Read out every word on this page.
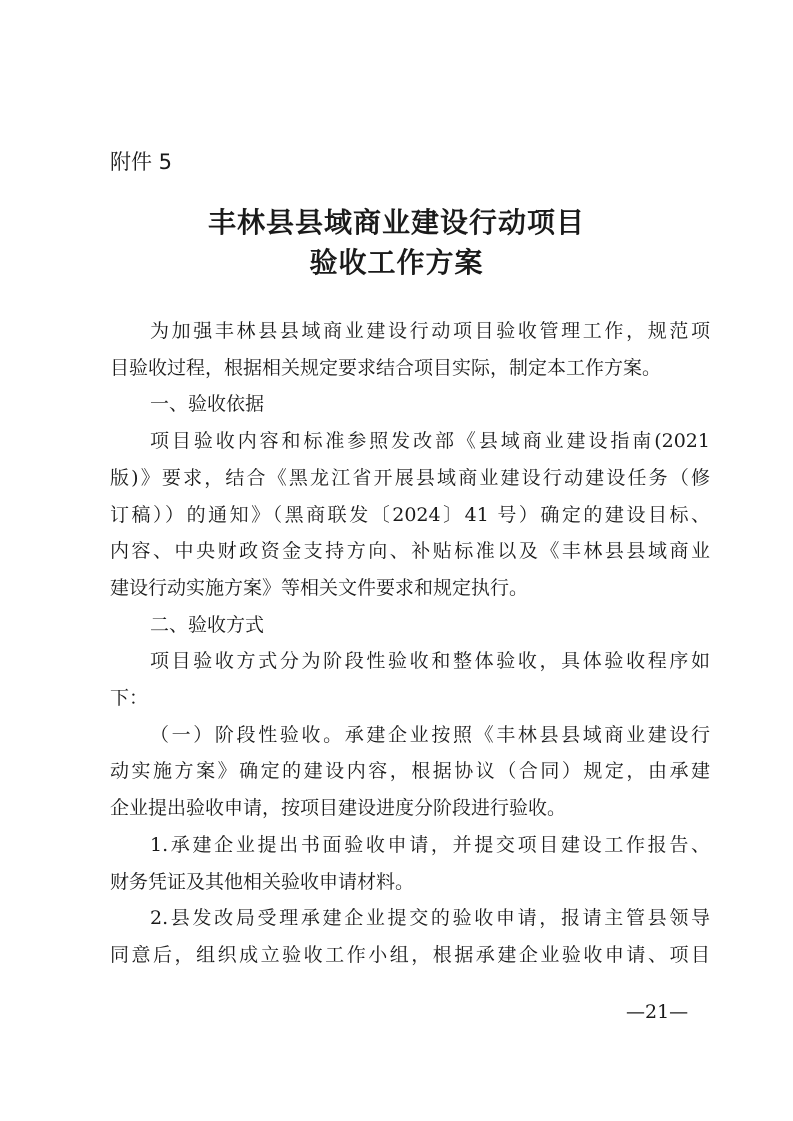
附件 5
丰林县县域商业建设行动项目
验收工作方案

为加强丰林县县域商业建设行动项目验收管理工作，规范项

目验收过程，根据相关规定要求结合项目实际，制定本工作方案。

一、验收依据

项目验收内容和标准参照发改部《县域商业建设指南(2021

版)》要求，结合《黑龙江省开展县域商业建设行动建设任务（修

订稿））的通知》（黑商联发〔2024〕41 号）确定的建设目标、

内容、中央财政资金支持方向、补贴标准以及《丰林县县域商业

建设行动实施方案》等相关文件要求和规定执行。

二、验收方式

项目验收方式分为阶段性验收和整体验收，具体验收程序如

下：

（一）阶段性验收。承建企业按照《丰林县县域商业建设行

动实施方案》确定的建设内容，根据协议（合同）规定，由承建

企业提出验收申请，按项目建设进度分阶段进行验收。

1.承建企业提出书面验收申请，并提交项目建设工作报告、

财务凭证及其他相关验收申请材料。

2.县发改局受理承建企业提交的验收申请，报请主管县领导

同意后，组织成立验收工作小组，根据承建企业验收申请、项目

—21—
